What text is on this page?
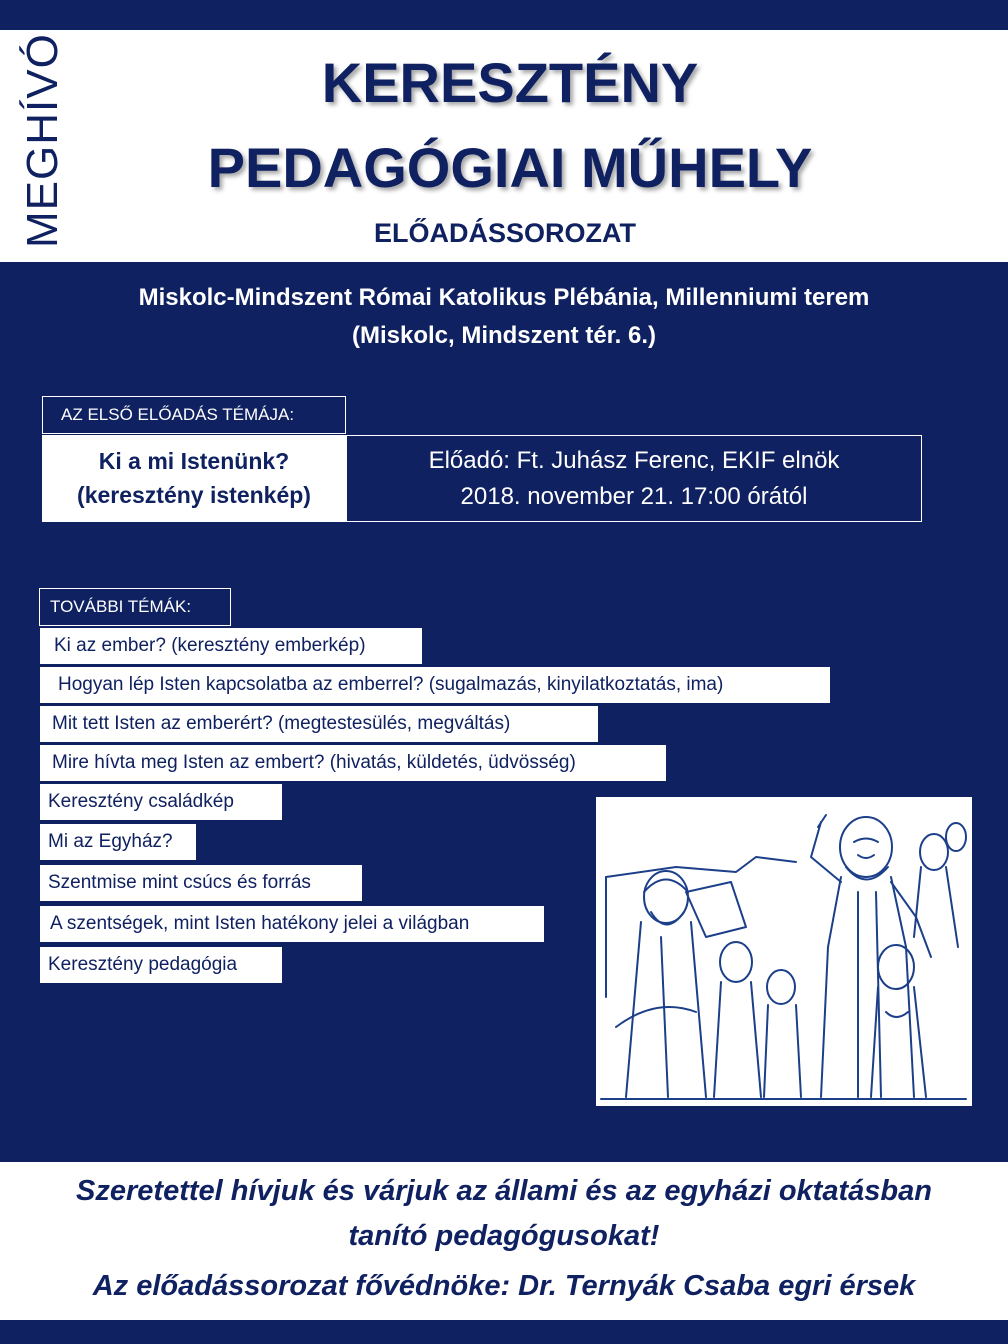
MEGHÍVÓ	KERESZTÉNY
PEDAGÓGIAI MŰHELY
ELŐADÁSSOROZAT
Miskolc-Mindszent Római Katolikus Plébánia, Millenniumi terem
(Miskolc, Mindszent tér. 6.)
AZ ELSŐ ELŐADÁS TÉMÁJA:
Ki a mi Istenünk?
(keresztény istenkép)
Előadó: Ft. Juhász Ferenc, EKIF elnök
2018. november 21. 17:00 órától
TOVÁBBI TÉMÁK:
Ki az ember? (keresztény emberkép)
Hogyan lép Isten kapcsolatba az emberrel? (sugalmazás, kinyilatkoztatás, ima)
Mit tett Isten az emberért? (megtestesülés, megváltás)
Mire hívta meg Isten az embert? (hivatás, küldetés, üdvösség)
Keresztény családkép
Mi az Egyház?
Szentmise mint csúcs és forrás
A szentségek, mint Isten hatékony jelei a világban
Keresztény pedagógia
Szeretettel hívjuk és várjuk az állami és az egyházi oktatásban
tanító pedagógusokat!
Az előadássorozat fővédnöke: Dr. Ternyák Csaba egri érsek
